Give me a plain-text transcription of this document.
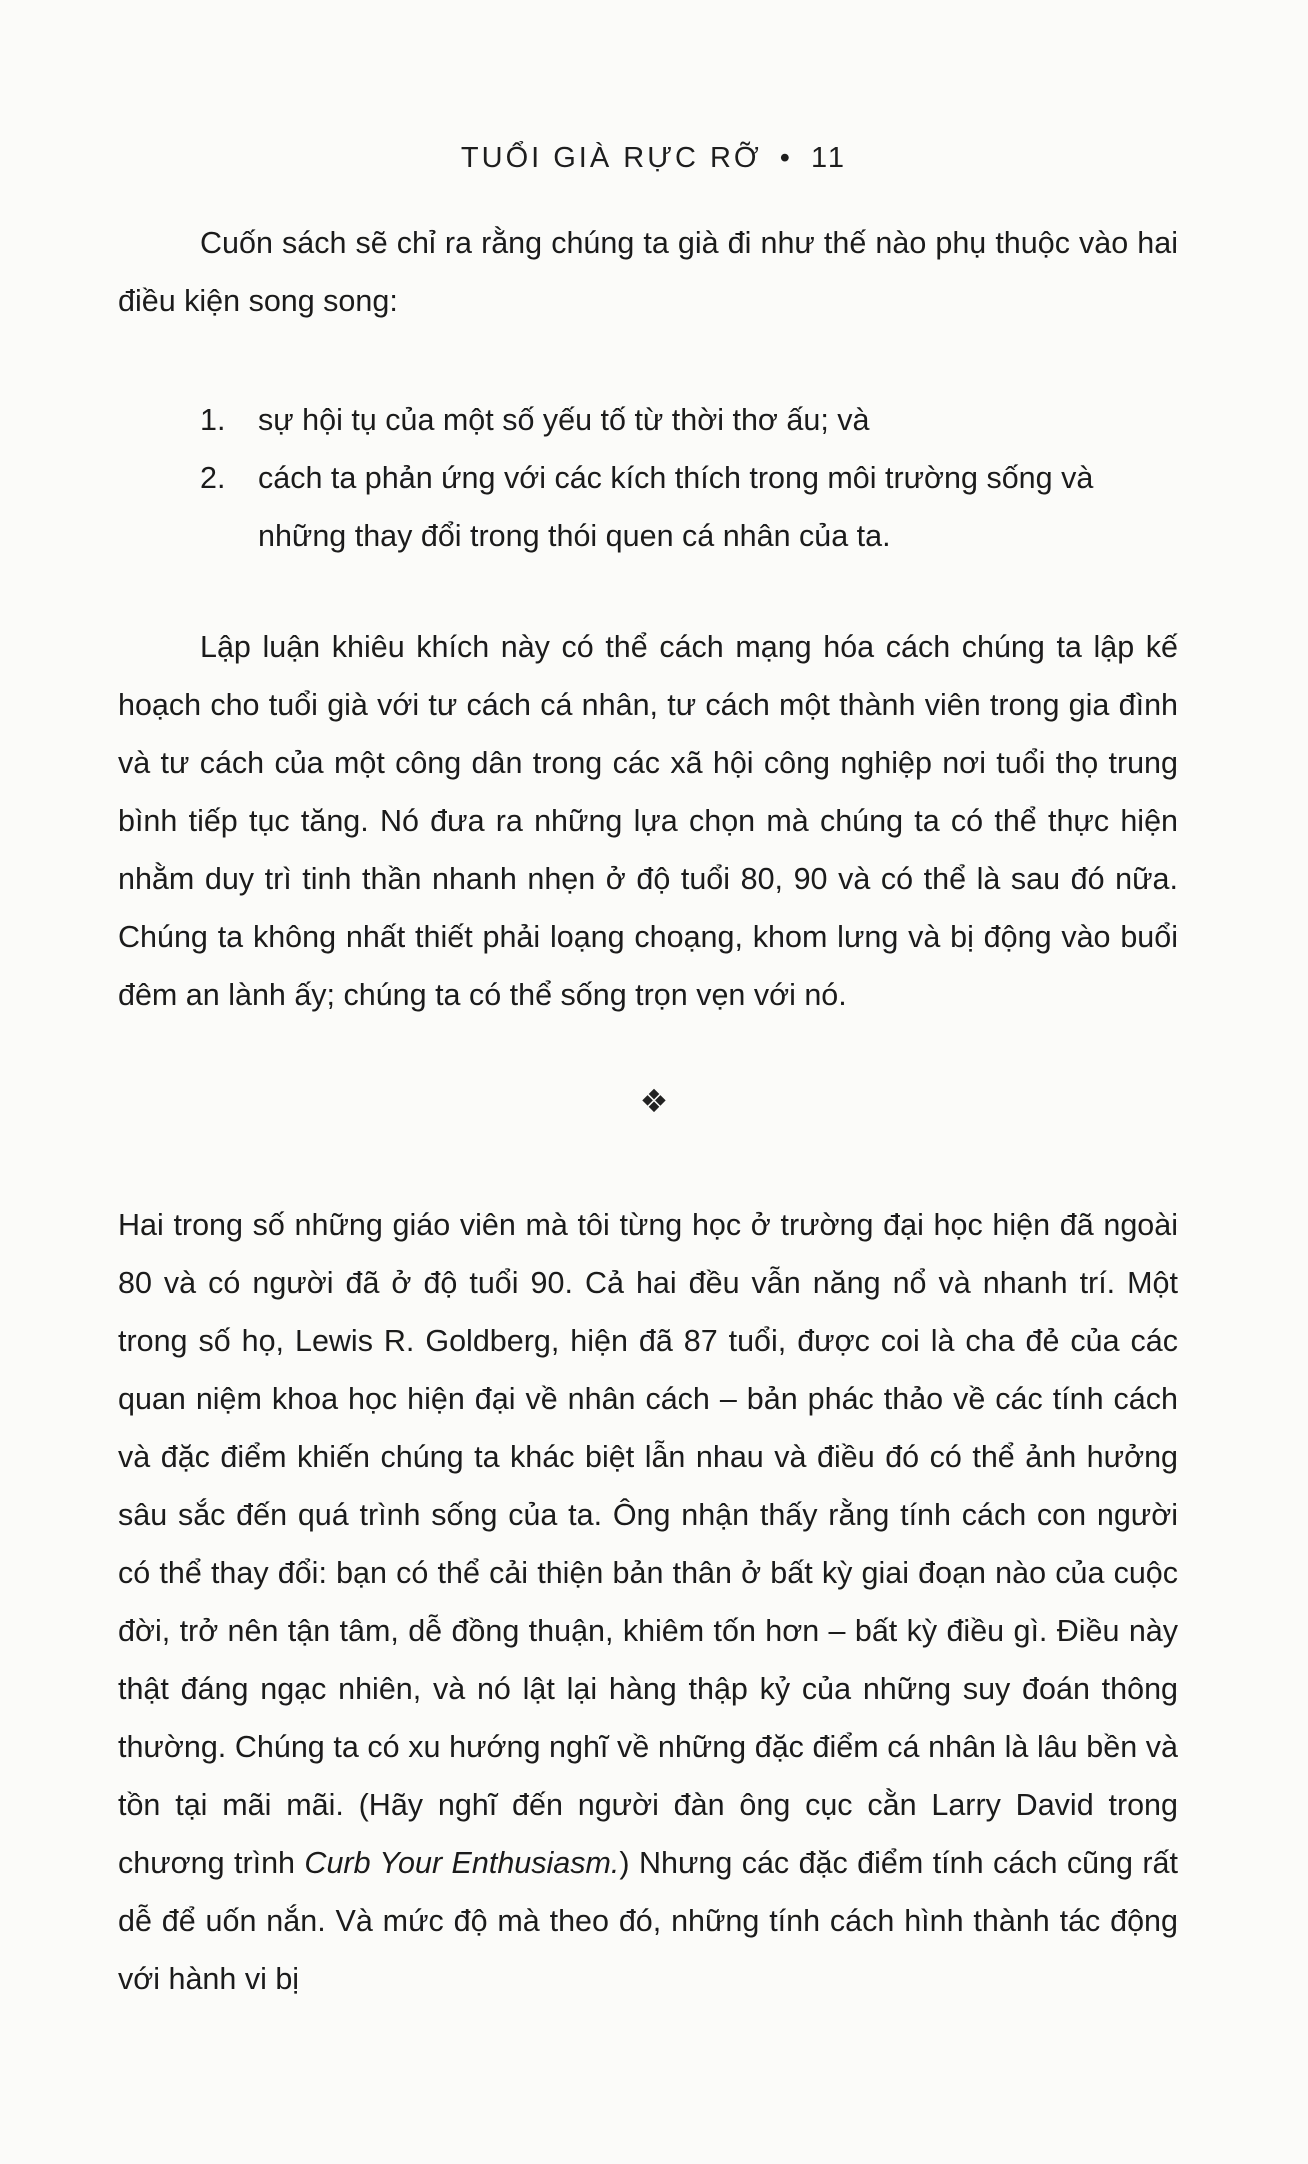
TUỔI GIÀ RỰC RỠ • 11

Cuốn sách sẽ chỉ ra rằng chúng ta già đi như thế nào phụ thuộc vào hai điều kiện song song:

1. sự hội tụ của một số yếu tố từ thời thơ ấu; và
2. cách ta phản ứng với các kích thích trong môi trường sống và những thay đổi trong thói quen cá nhân của ta.

Lập luận khiêu khích này có thể cách mạng hóa cách chúng ta lập kế hoạch cho tuổi già với tư cách cá nhân, tư cách một thành viên trong gia đình và tư cách của một công dân trong các xã hội công nghiệp nơi tuổi thọ trung bình tiếp tục tăng. Nó đưa ra những lựa chọn mà chúng ta có thể thực hiện nhằm duy trì tinh thần nhanh nhẹn ở độ tuổi 80, 90 và có thể là sau đó nữa. Chúng ta không nhất thiết phải loạng choạng, khom lưng và bị động vào buổi đêm an lành ấy; chúng ta có thể sống trọn vẹn với nó.

❖

Hai trong số những giáo viên mà tôi từng học ở trường đại học hiện đã ngoài 80 và có người đã ở độ tuổi 90. Cả hai đều vẫn năng nổ và nhanh trí. Một trong số họ, Lewis R. Goldberg, hiện đã 87 tuổi, được coi là cha đẻ của các quan niệm khoa học hiện đại về nhân cách – bản phác thảo về các tính cách và đặc điểm khiến chúng ta khác biệt lẫn nhau và điều đó có thể ảnh hưởng sâu sắc đến quá trình sống của ta. Ông nhận thấy rằng tính cách con người có thể thay đổi: bạn có thể cải thiện bản thân ở bất kỳ giai đoạn nào của cuộc đời, trở nên tận tâm, dễ đồng thuận, khiêm tốn hơn – bất kỳ điều gì. Điều này thật đáng ngạc nhiên, và nó lật lại hàng thập kỷ của những suy đoán thông thường. Chúng ta có xu hướng nghĩ về những đặc điểm cá nhân là lâu bền và tồn tại mãi mãi. (Hãy nghĩ đến người đàn ông cục cằn Larry David trong chương trình Curb Your Enthusiasm.) Nhưng các đặc điểm tính cách cũng rất dễ để uốn nắn. Và mức độ mà theo đó, những tính cách hình thành tác động với hành vi bị
